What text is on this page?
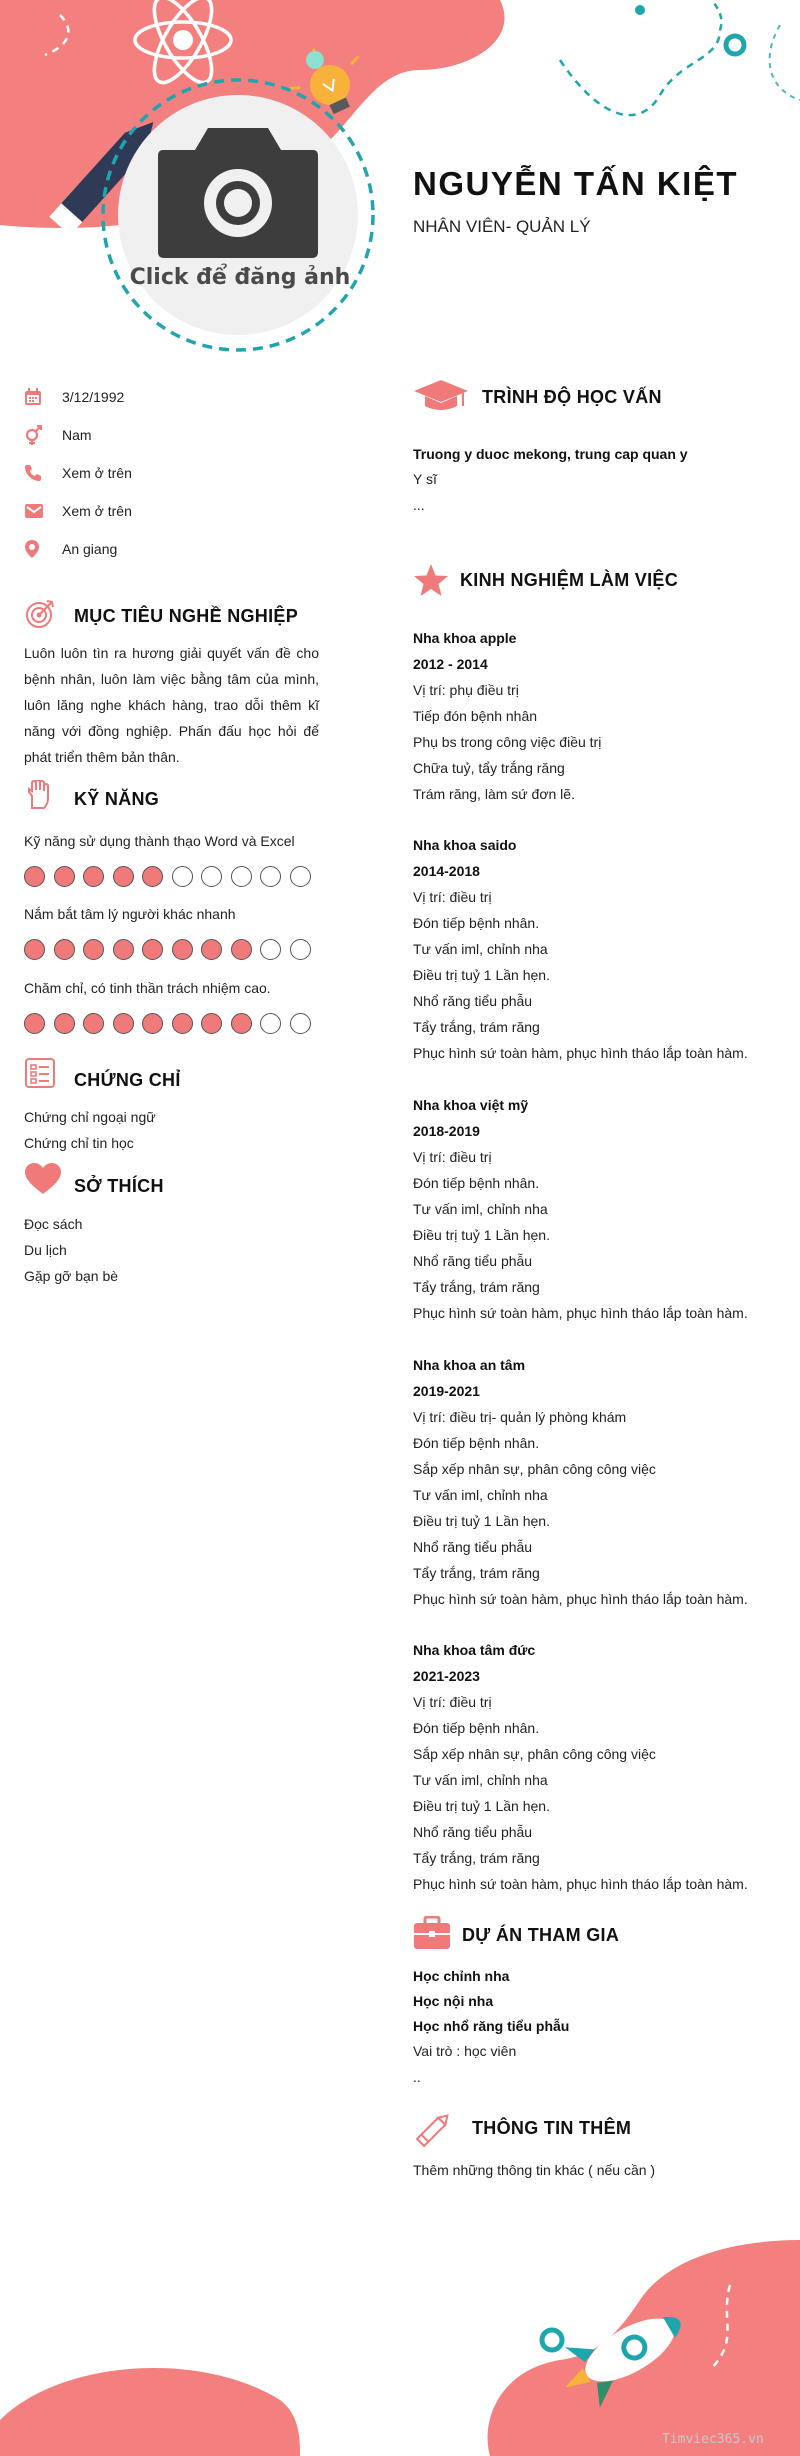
Click để đăng ảnh
NGUYỄN TẤN KIỆT
NHÂN VIÊN- QUẢN LÝ
3/12/1992
Nam
Xem ở trên
Xem ở trên
An giang
MỤC TIÊU NGHỀ NGHIỆP
Luôn luôn tìn ra hương giải quyết vấn đề cho bệnh nhân, luôn làm việc bằng tâm của mình, luôn lăng nghe khách hàng, trao dỗi thêm kĩ năng với đồng nghiệp. Phấn đấu học hỏi để phát triển thêm bản thân.
KỸ NĂNG
Kỹ năng sử dụng thành thạo Word và Excel
Nắm bắt tâm lý người khác nhanh
Chăm chỉ, có tinh thần trách nhiệm cao.
CHỨNG CHỈ
Chứng chỉ ngoại ngữ
Chứng chỉ tin học
SỞ THÍCH
Đọc sách
Du lịch
Gặp gỡ bạn bè
TRÌNH ĐỘ HỌC VẤN
Truong y duoc mekong, trung cap quan y
Y sĩ
...
KINH NGHIỆM LÀM VIỆC
Nha khoa apple
2012 - 2014
Vị trí: phụ điều trị
Tiếp đón bệnh nhân
Phụ bs trong công việc điều trị
Chữa tuỷ, tẩy trắng răng
Trám răng, làm sứ đơn lẽ.
Nha khoa saido
2014-2018
Vị trí: điều trị
Đón tiếp bệnh nhân.
Tư vấn iml, chỉnh nha
Điều trị tuỷ 1 Lần hẹn.
Nhổ răng tiểu phẫu
Tẩy trắng, trám răng
Phục hình sứ toàn hàm, phục hình tháo lắp toàn hàm.
Nha khoa việt mỹ
2018-2019
Vị trí: điều trị
Đón tiếp bệnh nhân.
Tư vấn iml, chỉnh nha
Điều trị tuỷ 1 Lần hẹn.
Nhổ răng tiểu phẫu
Tẩy trắng, trám răng
Phục hình sứ toàn hàm, phục hình tháo lắp toàn hàm.
Nha khoa an tâm
2019-2021
Vị trí: điều trị- quản lý phòng khám
Đón tiếp bệnh nhân.
Sắp xếp nhân sự, phân công công việc
Tư vấn iml, chỉnh nha
Điều trị tuỷ 1 Lần hẹn.
Nhổ răng tiểu phẫu
Tẩy trắng, trám răng
Phục hình sứ toàn hàm, phục hình tháo lắp toàn hàm.
Nha khoa tâm đức
2021-2023
Vị trí: điều trị
Đón tiếp bệnh nhân.
Sắp xếp nhân sự, phân công công việc
Tư vấn iml, chỉnh nha
Điều trị tuỷ 1 Lần hẹn.
Nhổ răng tiểu phẫu
Tẩy trắng, trám răng
Phục hình sứ toàn hàm, phục hình tháo lắp toàn hàm.
DỰ ÁN THAM GIA
Học chỉnh nha
Học nội nha
Học nhổ răng tiểu phẫu
Vai trò : học viên
..
THÔNG TIN THÊM
Thêm những thông tin khác ( nếu cần )
Timviec365.vn
